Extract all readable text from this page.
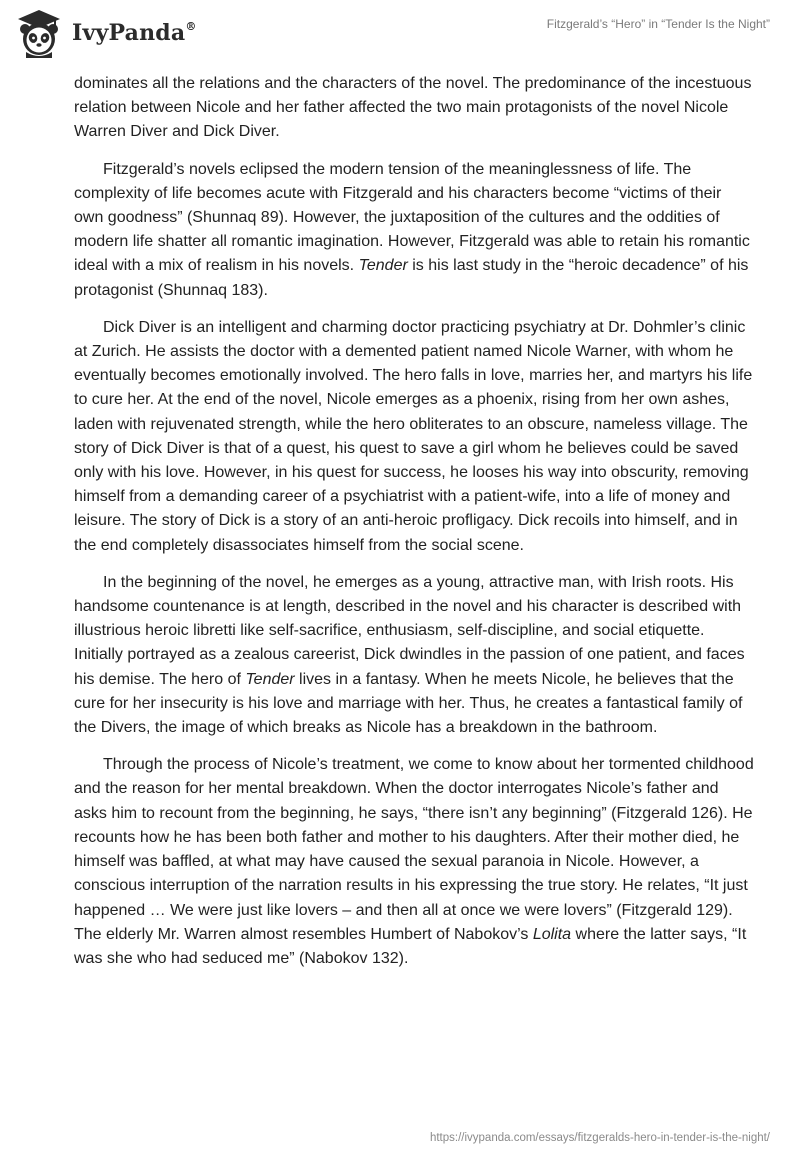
IvyPanda®	Fitzgerald’s “Hero” in “Tender Is the Night”

dominates all the relations and the characters of the novel. The predominance of the incestuous relation between Nicole and her father affected the two main protagonists of the novel Nicole Warren Diver and Dick Diver.

Fitzgerald’s novels eclipsed the modern tension of the meaninglessness of life. The complexity of life becomes acute with Fitzgerald and his characters become “victims of their own goodness” (Shunnaq 89). However, the juxtaposition of the cultures and the oddities of modern life shatter all romantic imagination. However, Fitzgerald was able to retain his romantic ideal with a mix of realism in his novels. Tender is his last study in the “heroic decadence” of his protagonist (Shunnaq 183).

Dick Diver is an intelligent and charming doctor practicing psychiatry at Dr. Dohmler’s clinic at Zurich. He assists the doctor with a demented patient named Nicole Warner, with whom he eventually becomes emotionally involved. The hero falls in love, marries her, and martyrs his life to cure her. At the end of the novel, Nicole emerges as a phoenix, rising from her own ashes, laden with rejuvenated strength, while the hero obliterates to an obscure, nameless village. The story of Dick Diver is that of a quest, his quest to save a girl whom he believes could be saved only with his love. However, in his quest for success, he looses his way into obscurity, removing himself from a demanding career of a psychiatrist with a patient-wife, into a life of money and leisure. The story of Dick is a story of an anti-heroic profligacy. Dick recoils into himself, and in the end completely disassociates himself from the social scene.

In the beginning of the novel, he emerges as a young, attractive man, with Irish roots. His handsome countenance is at length, described in the novel and his character is described with illustrious heroic libretti like self-sacrifice, enthusiasm, self-discipline, and social etiquette. Initially portrayed as a zealous careerist, Dick dwindles in the passion of one patient, and faces his demise. The hero of Tender lives in a fantasy. When he meets Nicole, he believes that the cure for her insecurity is his love and marriage with her. Thus, he creates a fantastical family of the Divers, the image of which breaks as Nicole has a breakdown in the bathroom.

Through the process of Nicole’s treatment, we come to know about her tormented childhood and the reason for her mental breakdown. When the doctor interrogates Nicole’s father and asks him to recount from the beginning, he says, “there isn’t any beginning” (Fitzgerald 126). He recounts how he has been both father and mother to his daughters. After their mother died, he himself was baffled, at what may have caused the sexual paranoia in Nicole. However, a conscious interruption of the narration results in his expressing the true story. He relates, “It just happened … We were just like lovers – and then all at once we were lovers” (Fitzgerald 129). The elderly Mr. Warren almost resembles Humbert of Nabokov’s Lolita where the latter says, “It was she who had seduced me” (Nabokov 132).

https://ivypanda.com/essays/fitzgeralds-hero-in-tender-is-the-night/
